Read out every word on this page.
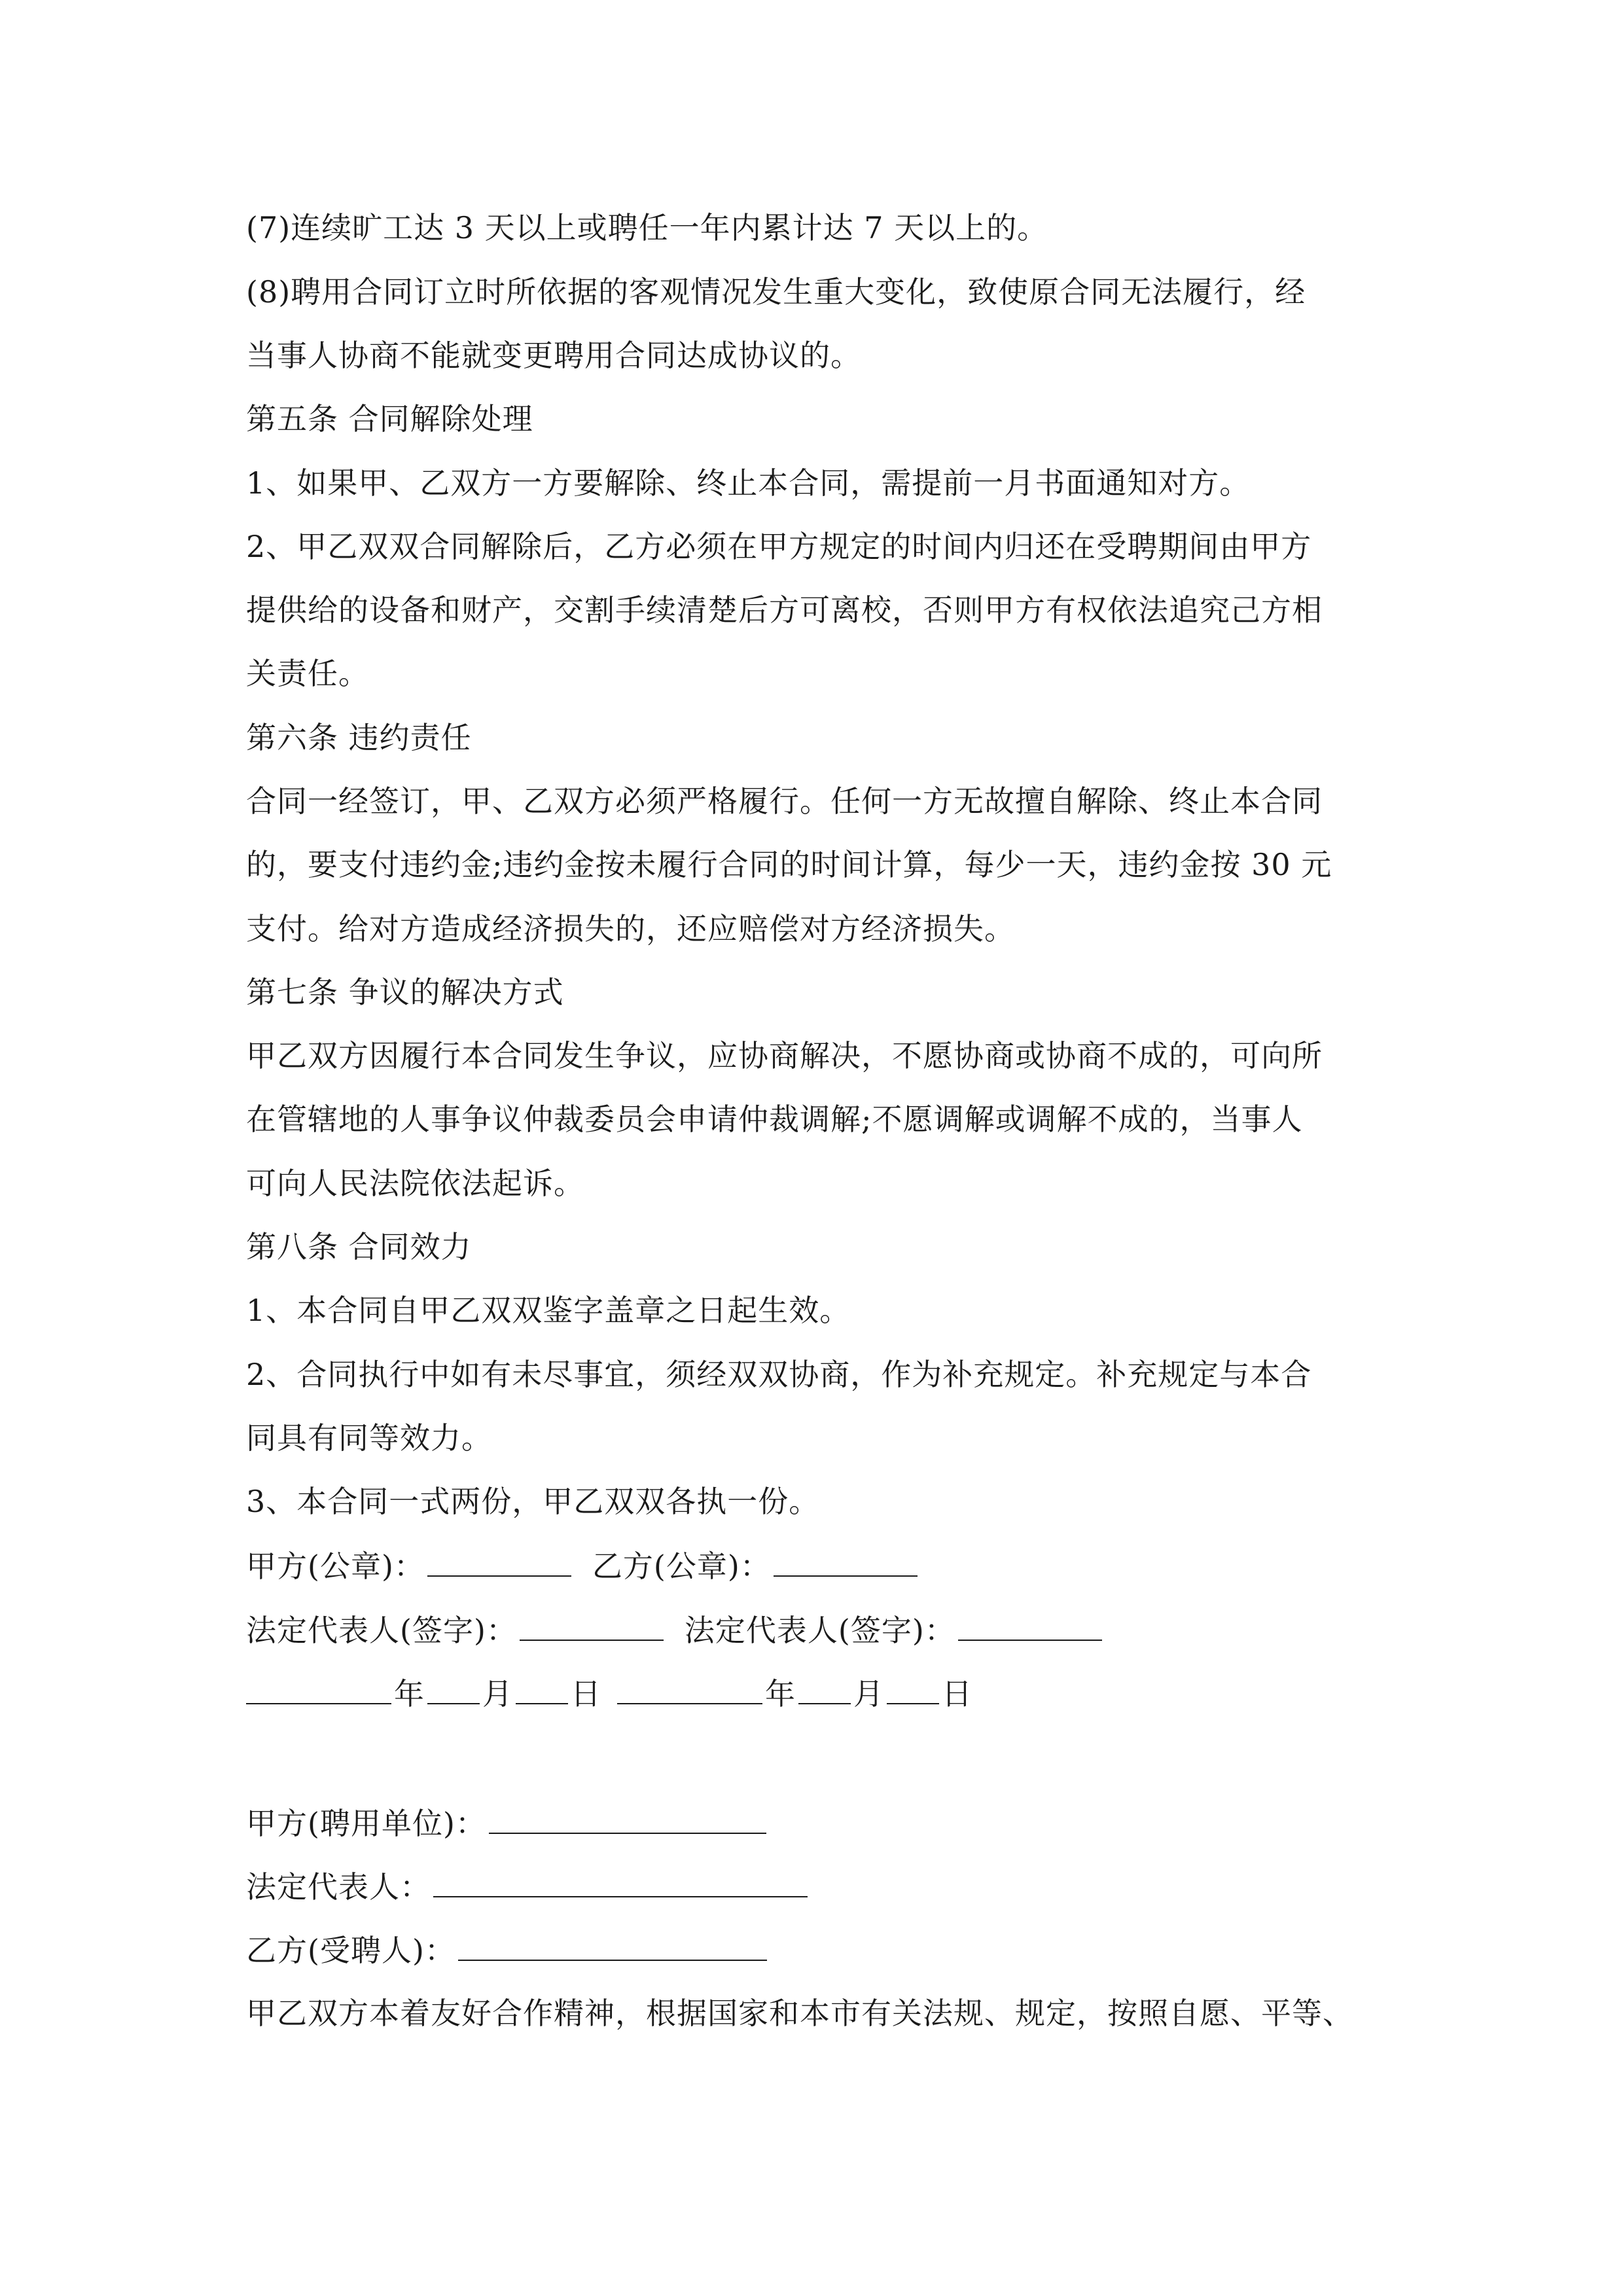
(7)连续旷工达 3 天以上或聘任一年内累计达 7 天以上的。
(8)聘用合同订立时所依据的客观情况发生重大变化，致使原合同无法履行，经
当事人协商不能就变更聘用合同达成协议的。
第五条 合同解除处理
1、如果甲、乙双方一方要解除、终止本合同，需提前一月书面通知对方。
2、甲乙双双合同解除后，乙方必须在甲方规定的时间内归还在受聘期间由甲方
提供给的设备和财产，交割手续清楚后方可离校，否则甲方有权依法追究己方相
关责任。
第六条 违约责任
合同一经签订，甲、乙双方必须严格履行。任何一方无故擅自解除、终止本合同
的，要支付违约金;违约金按未履行合同的时间计算，每少一天，违约金按 30 元
支付。给对方造成经济损失的，还应赔偿对方经济损失。
第七条 争议的解决方式
甲乙双方因履行本合同发生争议，应协商解决，不愿协商或协商不成的，可向所
在管辖地的人事争议仲裁委员会申请仲裁调解;不愿调解或调解不成的，当事人
可向人民法院依法起诉。
第八条 合同效力
1、本合同自甲乙双双鉴字盖章之日起生效。
2、合同执行中如有未尽事宜，须经双双协商，作为补充规定。补充规定与本合
同具有同等效力。
3、本合同一式两份，甲乙双双各执一份。
甲方(公章)：	乙方(公章)：
法定代表人(签字)：	法定代表人(签字)：
年 月 日	年 月 日
甲方(聘用单位)：
法定代表人：
乙方(受聘人)：
甲乙双方本着友好合作精神，根据国家和本市有关法规、规定，按照自愿、平等、
